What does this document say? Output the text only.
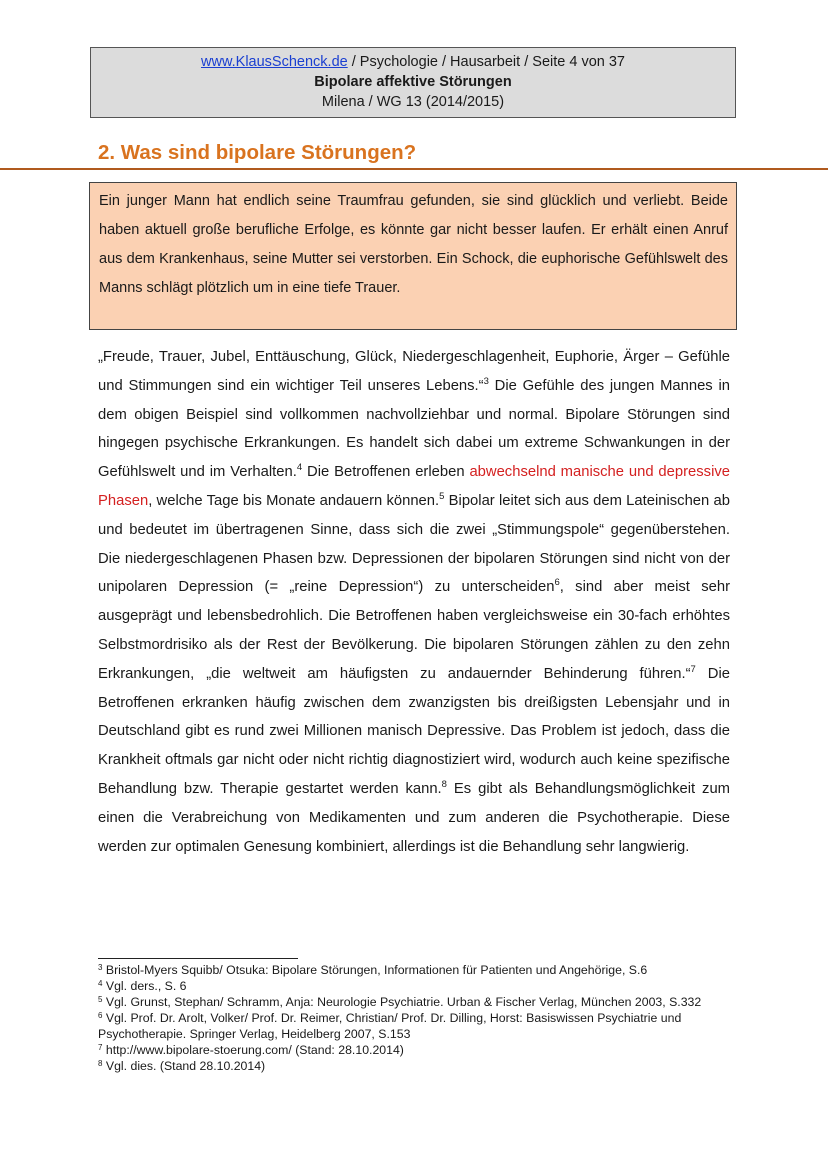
www.KlausSchenck.de / Psychologie / Hausarbeit / Seite 4 von 37
Bipolare affektive Störungen
Milena / WG 13 (2014/2015)
2. Was sind bipolare Störungen?
Ein junger Mann hat endlich seine Traumfrau gefunden, sie sind glücklich und verliebt. Beide haben aktuell große berufliche Erfolge, es könnte gar nicht besser laufen. Er erhält einen Anruf aus dem Krankenhaus, seine Mutter sei verstorben. Ein Schock, die euphorische Gefühlswelt des Manns schlägt plötzlich um in eine tiefe Trauer.

„Freude, Trauer, Jubel, Enttäuschung, Glück, Niedergeschlagenheit, Euphorie, Ärger – Gefühle und Stimmungen sind ein wichtiger Teil unseres Lebens.“$^3$ Die Gefühle des jungen Mannes in dem obigen Beispiel sind vollkommen nachvollziehbar und normal. Bipolare Störungen sind hingegen psychische Erkrankungen. Es handelt sich dabei um extreme Schwankungen in der Gefühlswelt und im Verhalten.$^4$ Die Betroffenen erleben abwechselnd manische und depressive Phasen, welche Tage bis Monate andauern können.$^5$ Bipolar leitet sich aus dem Lateinischen ab und bedeutet im übertragenen Sinne, dass sich die zwei „Stimmungspole“ gegenüberstehen. Die niedergeschlagenen Phasen bzw. Depressionen der bipolaren Störungen sind nicht von der unipolaren Depression (= „reine Depression“) zu unterscheiden$^6$, sind aber meist sehr ausgeprägt und lebensbedrohlich. Die Betroffenen haben vergleichsweise ein 30-fach erhöhtes Selbstmordrisiko als der Rest der Bevölkerung. Die bipolaren Störungen zählen zu den zehn Erkrankungen, „die weltweit am häufigsten zu andauernder Behinderung führen.“$^7$ Die Betroffenen erkranken häufig zwischen dem zwanzigsten bis dreißigsten Lebensjahr und in Deutschland gibt es rund zwei Millionen manisch Depressive. Das Problem ist jedoch, dass die Krankheit oftmals gar nicht oder nicht richtig diagnostiziert wird, wodurch auch keine spezifische Behandlung bzw. Therapie gestartet werden kann.$^8$ Es gibt als Behandlungsmöglichkeit zum einen die Verabreichung von Medikamenten und zum anderen die Psychotherapie. Diese werden zur optimalen Genesung kombiniert, allerdings ist die Behandlung sehr langwierig.

$^3$ Bristol-Myers Squibb/ Otsuka: Bipolare Störungen, Informationen für Patienten und Angehörige, S.6
$^4$ Vgl. ders., S. 6
$^5$ Vgl. Grunst, Stephan/ Schramm, Anja: Neurologie Psychiatrie. Urban & Fischer Verlag, München 2003, S.332
$^6$ Vgl. Prof. Dr. Arolt, Volker/ Prof. Dr. Reimer, Christian/ Prof. Dr. Dilling, Horst: Basiswissen Psychiatrie und Psychotherapie. Springer Verlag, Heidelberg 2007, S.153
$^7$ http://www.bipolare-stoerung.com/ (Stand: 28.10.2014)
$^8$ Vgl. dies. (Stand 28.10.2014)
